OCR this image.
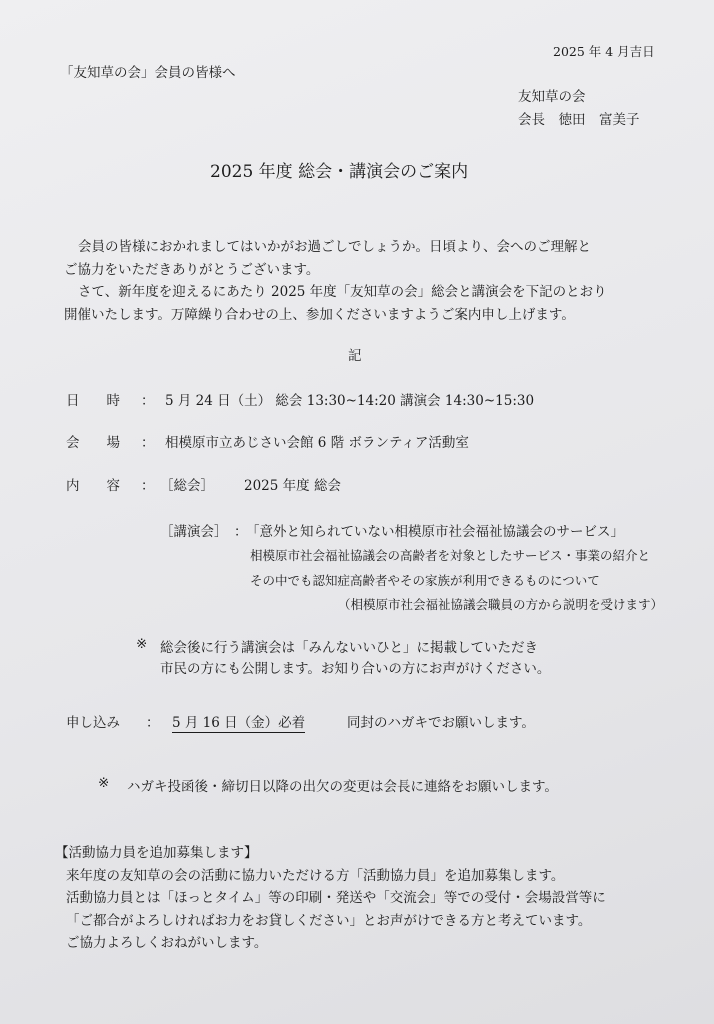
2025 年 4 月吉日
「友知草の会」会員の皆様へ
友知草の会
会長　徳田　富美子
2025 年度 総会・講演会のご案内
会員の皆様におかれましてはいかがお過ごしでしょうか。日頃より、会へのご理解と
ご協力をいただきありがとうございます。
さて、新年度を迎えるにあたり 2025 年度「友知草の会」総会と講演会を下記のとおり
開催いたします。万障繰り合わせの上、参加くださいますようご案内申し上げます。
記
日　　時 ： 5 月 24 日（土） 総会 13:30~14:20 講演会 14:30~15:30
会　　場 ： 相模原市立あじさい会館 6 階 ボランティア活動室
内　　容 ： ［総会］ 2025 年度 総会
［講演会］ ：
「意外と知られていない相模原市社会福祉協議会のサービス」
相模原市社会福祉協議会の高齢者を対象としたサービス・事業の紹介と
その中でも認知症高齢者やその家族が利用できるものについて
（相模原市社会福祉協議会職員の方から説明を受けます）
※ 総会後に行う講演会は「みんないいひと」に掲載していただき
市民の方にも公開します。お知り合いの方にお声がけください。
申し込み ： 5 月 16 日（金）必着	同封のハガキでお願いします。
※ ハガキ投函後・締切日以降の出欠の変更は会長に連絡をお願いします。
【活動協力員を追加募集します】
来年度の友知草の会の活動に協力いただける方「活動協力員」を追加募集します。
活動協力員とは「ほっとタイム」等の印刷・発送や「交流会」等での受付・会場設営等に
「ご都合がよろしければお力をお貸しください」とお声がけできる方と考えています。
ご協力よろしくおねがいします。
